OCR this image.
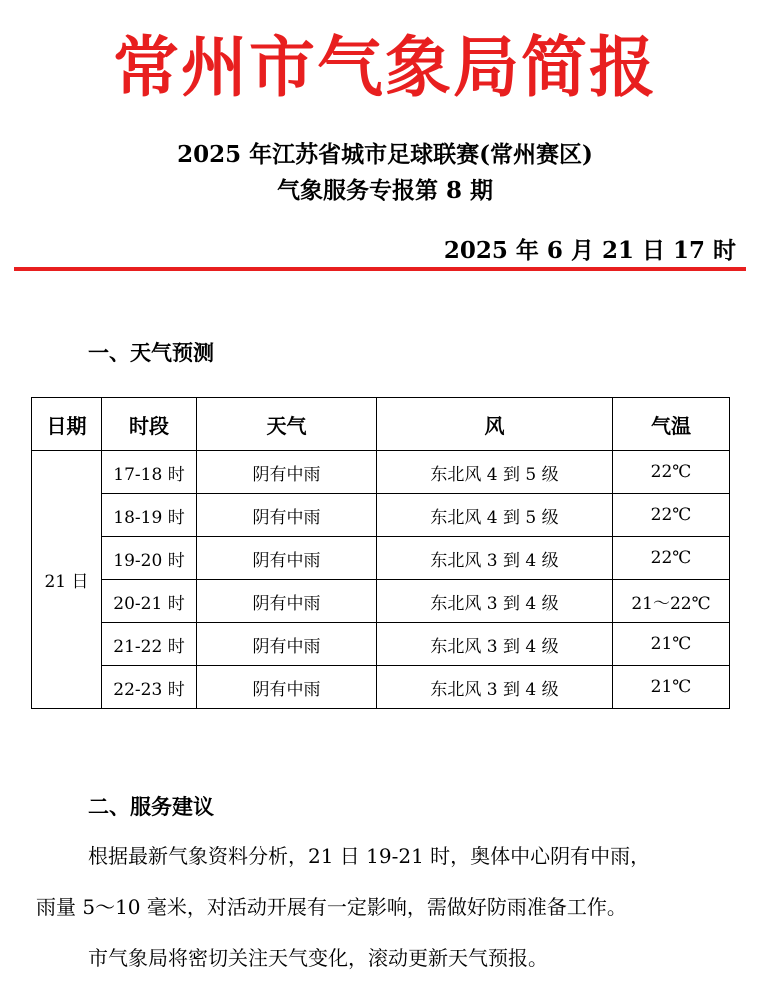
常州市气象局简报
2025 年江苏省城市足球联赛(常州赛区)
气象服务专报第 8 期
2025 年 6 月 21 日 17 时
一、天气预测
日期	时段	天气	风	气温
21 日	17-18 时	阴有中雨	东北风 4 到 5 级	22℃
	18-19 时	阴有中雨	东北风 4 到 5 级	22℃
	19-20 时	阴有中雨	东北风 3 到 4 级	22℃
	20-21 时	阴有中雨	东北风 3 到 4 级	21～22℃
	21-22 时	阴有中雨	东北风 3 到 4 级	21℃
	22-23 时	阴有中雨	东北风 3 到 4 级	21℃
二、服务建议
根据最新气象资料分析，21 日 19-21 时，奥体中心阴有中雨，
雨量 5～10 毫米，对活动开展有一定影响，需做好防雨准备工作。
市气象局将密切关注天气变化，滚动更新天气预报。
